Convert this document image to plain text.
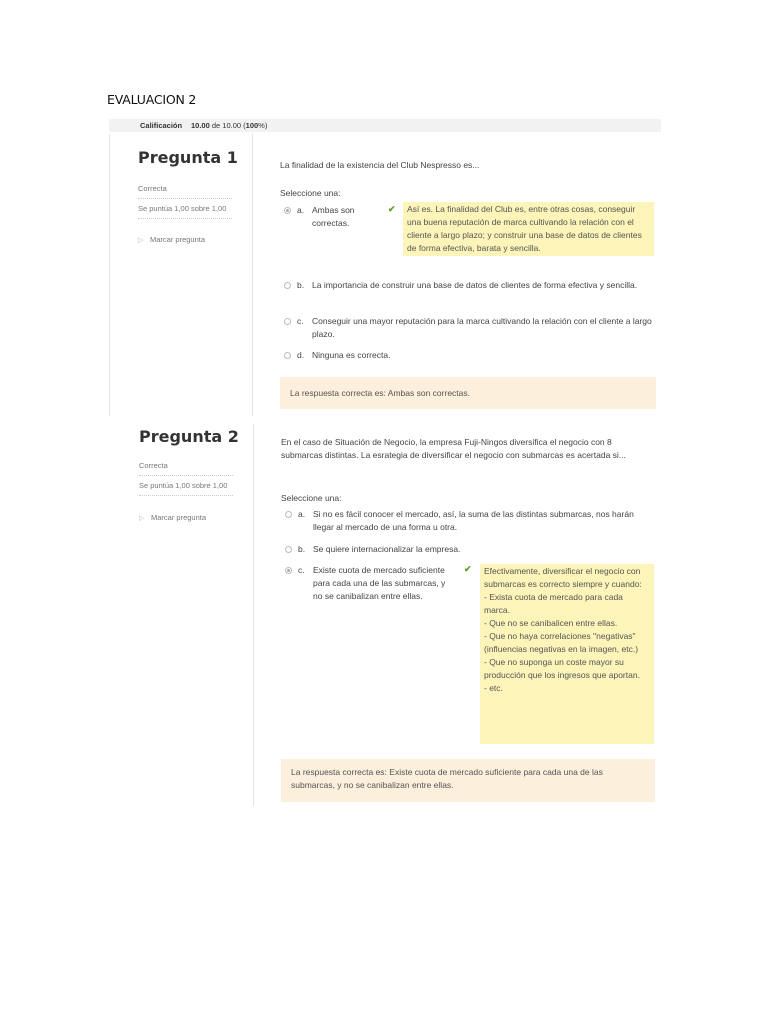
EVALUACION 2
Calificación 10.00 de 10.00 (100%)
Pregunta 1
Correcta
Se puntúa 1,00 sobre 1,00
▷ Marcar pregunta
La finalidad de la existencia del Club Nespresso es...
Seleccione una:
a. Ambas son correctas.
✔	Así es. La finalidad del Club es, entre otras cosas, conseguir una buena reputación de marca cultivando la relación con el cliente a largo plazo; y construir una base de datos de clientes de forma efectiva, barata y sencilla.
b. La importancia de construir una base de datos de clientes de forma efectiva y sencilla.
c. Conseguir una mayor reputación para la marca cultivando la relación con el cliente a largo plazo.
d. Ninguna es correcta.
La respuesta correcta es: Ambas son correctas.
Pregunta 2
Correcta
Se puntúa 1,00 sobre 1,00
▷ Marcar pregunta
En el caso de Situación de Negocio, la empresa Fuji-Ningos diversifica el negocio con 8 submarcas distintas. La esrategia de diversificar el negocio con submarcas es acertada si...
Seleccione una:
a. Si no es fácil conocer el mercado, así, la suma de las distintas submarcas, nos harán llegar al mercado de una forma u otra.
b. Se quiere internacionalizar la empresa.
c. Existe cuota de mercado suficiente para cada una de las submarcas, y no se canibalizan entre ellas.
✔ Efectivamente, diversificar el negocio con submarcas es correcto siempre y cuando:
- Exista cuota de mercado para cada marca.
- Que no se canibalicen entre ellas.
- Que no haya correlaciones "negativas" (influencias negativas en la imagen, etc.)
- Que no suponga un coste mayor su producción que los ingresos que aportan.
- etc.
La respuesta correcta es: Existe cuota de mercado suficiente para cada una de las submarcas, y no se canibalizan entre ellas.
